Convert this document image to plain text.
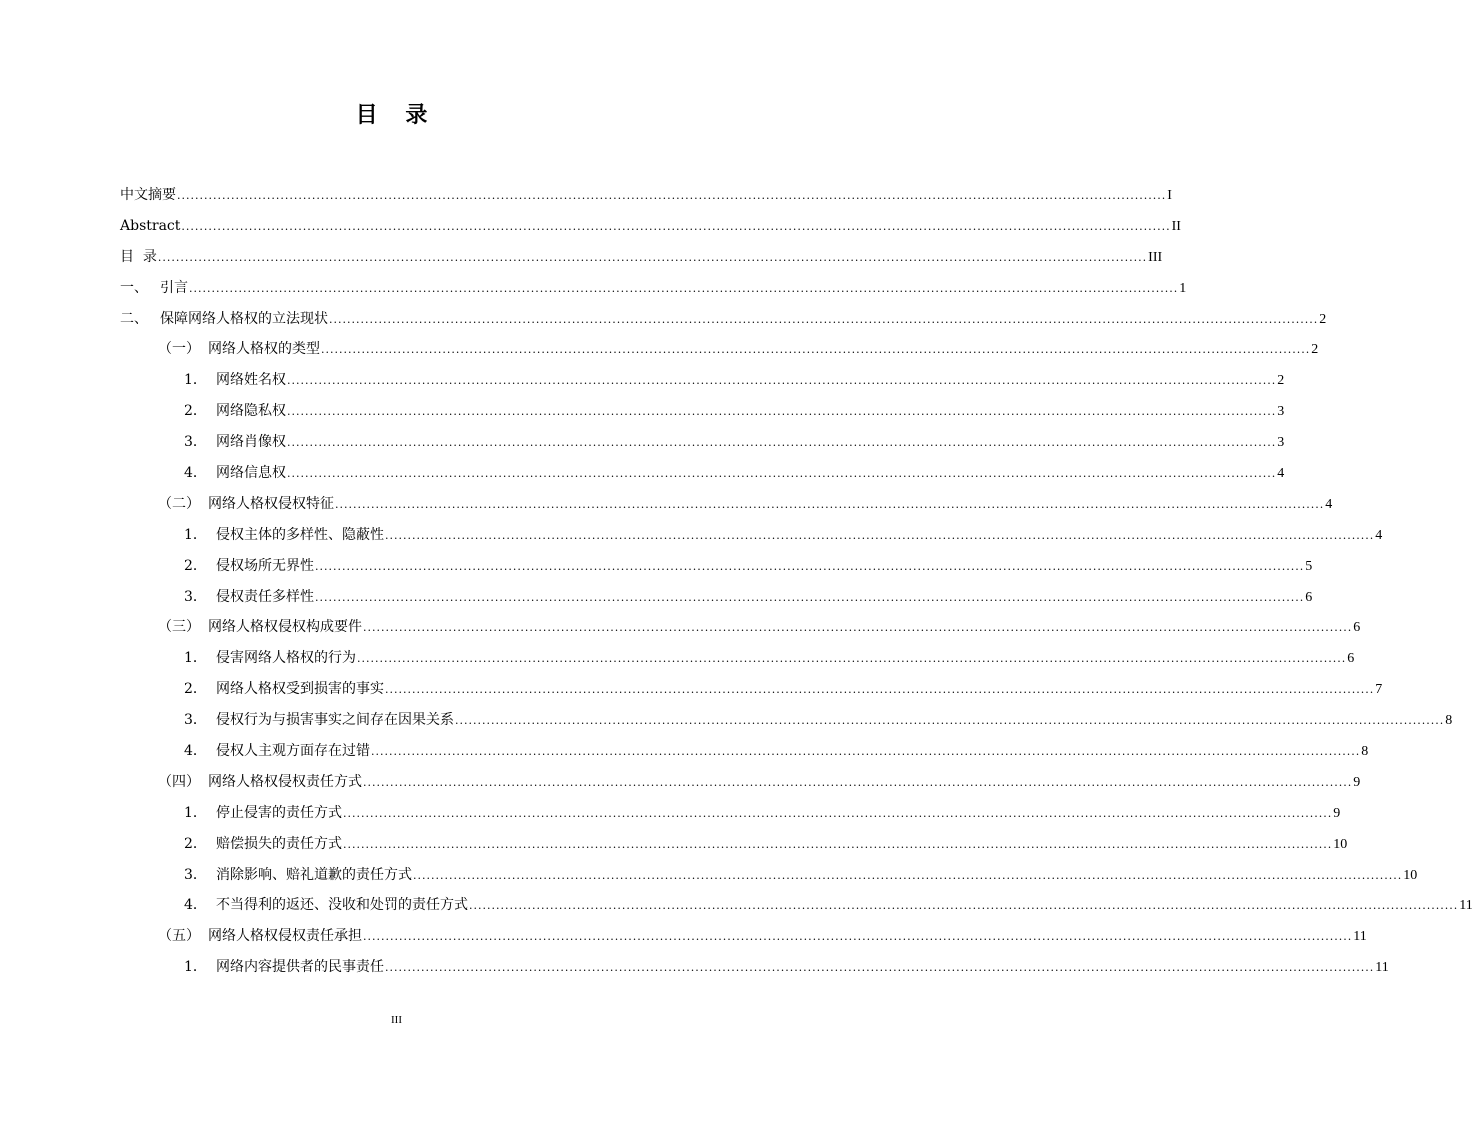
目 录
中文摘要 ............................................................................................................................................................................................................................ I
Abstract ............................................................................................................................................................................................................................ II
目  录 ............................................................................................................................................................................................................................ III
一、 引言 ............................................................................................................................................................................................................................ 1
二、 保障网络人格权的立法现状 ............................................................................................................................................................................................................................ 2
（一） 网络人格权的类型 ............................................................................................................................................................................................................................ 2
1． 网络姓名权 ............................................................................................................................................................................................................................ 2
2． 网络隐私权 ............................................................................................................................................................................................................................ 3
3． 网络肖像权 ............................................................................................................................................................................................................................ 3
4． 网络信息权 ............................................................................................................................................................................................................................ 4
（二） 网络人格权侵权特征 ............................................................................................................................................................................................................................ 4
1． 侵权主体的多样性、隐蔽性 ............................................................................................................................................................................................................................ 4
2． 侵权场所无界性 ............................................................................................................................................................................................................................ 5
3． 侵权责任多样性 ............................................................................................................................................................................................................................ 6
（三） 网络人格权侵权构成要件 ............................................................................................................................................................................................................................ 6
1． 侵害网络人格权的行为 ............................................................................................................................................................................................................................ 6
2． 网络人格权受到损害的事实 ............................................................................................................................................................................................................................ 7
3． 侵权行为与损害事实之间存在因果关系 ............................................................................................................................................................................................................................ 8
4． 侵权人主观方面存在过错 ............................................................................................................................................................................................................................ 8
（四） 网络人格权侵权责任方式 ............................................................................................................................................................................................................................ 9
1． 停止侵害的责任方式 ............................................................................................................................................................................................................................ 9
2． 赔偿损失的责任方式 ............................................................................................................................................................................................................................ 10
3． 消除影响、赔礼道歉的责任方式 ............................................................................................................................................................................................................................ 10
4． 不当得利的返还、没收和处罚的责任方式 ............................................................................................................................................................................................................................ 11
（五） 网络人格权侵权责任承担 ............................................................................................................................................................................................................................ 11
1． 网络内容提供者的民事责任 ............................................................................................................................................................................................................................ 11
III
